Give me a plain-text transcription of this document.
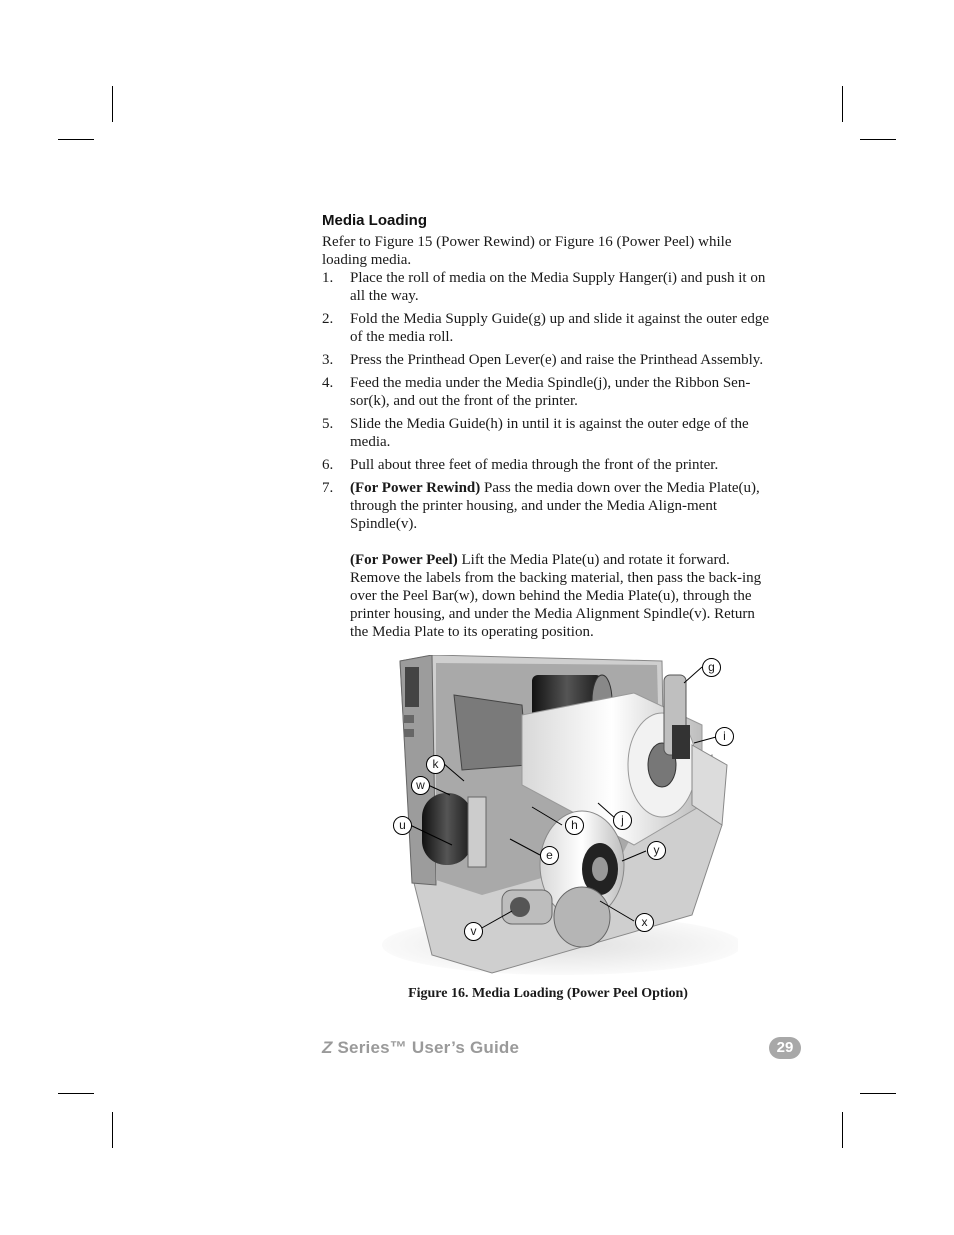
Media Loading

Refer to Figure 15 (Power Rewind) or Figure 16 (Power Peel) while loading media.

1. Place the roll of media on the Media Supply Hanger(i) and push it on all the way.
2. Fold the Media Supply Guide(g) up and slide it against the outer edge of the media roll.
3. Press the Printhead Open Lever(e) and raise the Printhead Assembly.
4. Feed the media under the Media Spindle(j), under the Ribbon Sen-sor(k), and out the front of the printer.
5. Slide the Media Guide(h) in until it is against the outer edge of the media.
6. Pull about three feet of media through the front of the printer.
7. (For Power Rewind) Pass the media down over the Media Plate(u), through the printer housing, and under the Media Align-ment Spindle(v).
(For Power Peel) Lift the Media Plate(u) and rotate it forward. Remove the labels from the backing material, then pass the back-ing over the Peel Bar(w), down behind the Media Plate(u), through the printer housing, and under the Media Alignment Spindle(v). Return the Media Plate to its operating position.
g
i
k
w
u	h	j
e	y
v
x
Figure 16. Media Loading (Power Peel Option)
Z Series™ User’s Guide	29
